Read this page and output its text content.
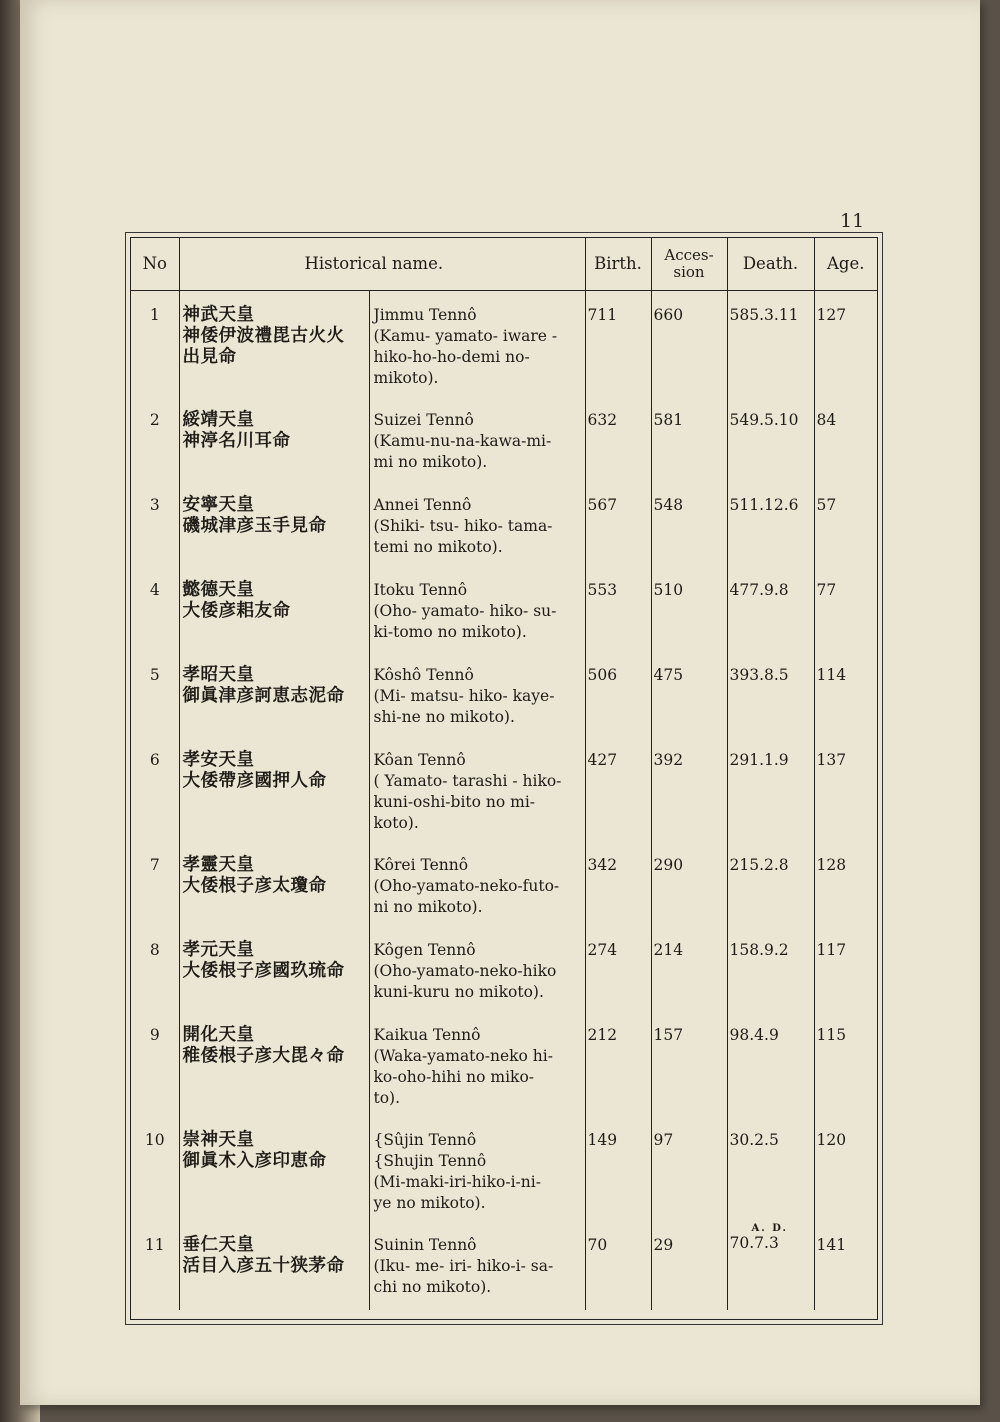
11
No	Historical name.		Birth.	Acces-sion	Death.	Age.
1	神武天皇
神倭伊波禮毘古火火
出見命	Jimmu Tennô
(Kamu- yamato- iware -
hiko-ho-ho-demi no-
mikoto).	711	660	585.3.11	127
2	綏靖天皇
神渟名川耳命	Suizei Tennô
(Kamu-nu-na-kawa-mi-
mi no mikoto).	632	581	549.5.10	84
3	安寧天皇
磯城津彦玉手見命	Annei Tennô
(Shiki- tsu- hiko- tama-
temi no mikoto).	567	548	511.12.6	57
4	懿德天皇
大倭彦耜友命	Itoku Tennô
(Oho- yamato- hiko- su-
ki-tomo no mikoto).	553	510	477.9.8	77
5	孝昭天皇
御眞津彦訶恵志泥命	Kôshô Tennô
(Mi- matsu- hiko- kaye-
shi-ne no mikoto).	506	475	393.8.5	114
6	孝安天皇
大倭帶彦國押人命	Kôan Tennô
( Yamato- tarashi - hiko-
kuni-oshi-bito no mi-
koto).	427	392	291.1.9	137
7	孝靈天皇
大倭根子彦太瓊命	Kôrei Tennô
(Oho-yamato-neko-futo-
ni no mikoto).	342	290	215.2.8	128
8	孝元天皇
大倭根子彦國玖琉命	Kôgen Tennô
(Oho-yamato-neko-hiko
kuni-kuru no mikoto).	274	214	158.9.2	117
9	開化天皇
稚倭根子彦大毘々命	Kaikua Tennô
(Waka-yamato-neko hi-
ko-oho-hihi no miko-
to).	212	157	98.4.9	115
10	崇神天皇
御眞木入彦印恵命	{Sûjin Tennô
{Shujin Tennô
(Mi-maki-iri-hiko-i-ni-
ye no mikoto).	149	97	30.2.5	120
11	垂仁天皇
活目入彦五十狭茅命	Suinin Tennô
(Iku- me- iri- hiko-i- sa-
chi no mikoto).	70	29	A. D.
70.7.3	141
